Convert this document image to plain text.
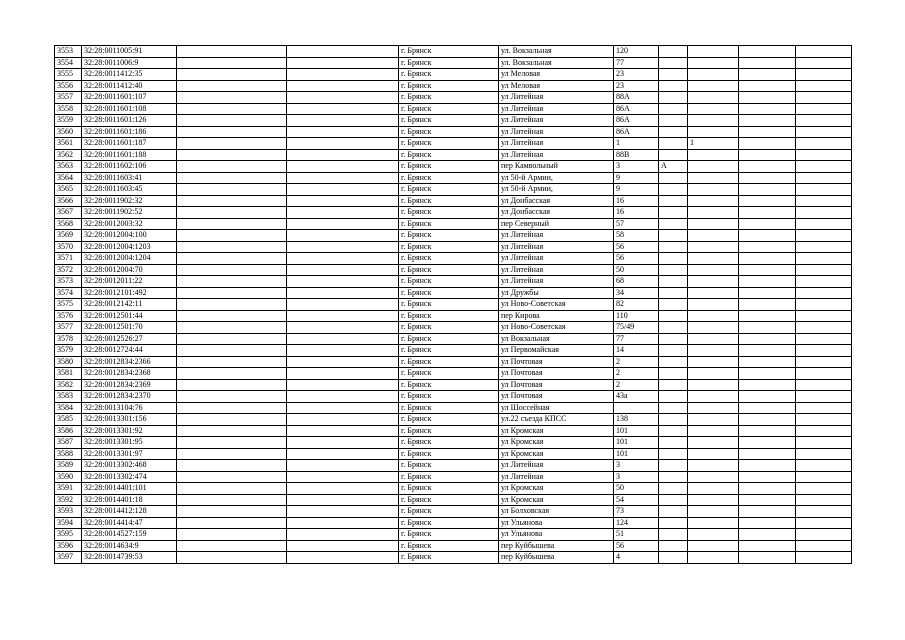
3553	32:28:0011005:91			г. Брянск	ул. Вокзальная	120				
3554	32:28:0011006:9			г. Брянск	ул. Вокзальная	77				
3555	32:28:0011412:35			г. Брянск	ул Меловая	23				
3556	32:28:0011412:40			г. Брянск	ул Меловая	23				
3557	32:28:0011601:107			г. Брянск	ул Литейная	88А				
3558	32:28:0011601:108			г. Брянск	ул Литейная	86А				
3559	32:28:0011601:126			г. Брянск	ул Литейная	86А				
3560	32:28:0011601:186			г. Брянск	ул Литейная	86А				
3561	32:28:0011601:187			г. Брянск	ул Литейная	1		1		
3562	32:28:0011601:188			г. Брянск	ул Литейная	88В				
3563	32:28:0011602:106			г. Брянск	пер Камвольный	3	А			
3564	32:28:0011603:41			г. Брянск	ул 50-й Армии,	9				
3565	32:28:0011603:45			г. Брянск	ул 50-й Армии,	9				
3566	32:28:0011902:32			г. Брянск	ул Донбасская	16				
3567	32:28:0011902:52			г. Брянск	ул Донбасская	16				
3568	32:28:0012003:32			г. Брянск	пер Северный	57				
3569	32:28:0012004:100			г. Брянск	ул Литейная	58				
3570	32:28:0012004:1203			г. Брянск	ул Литейная	56				
3571	32:28:0012004:1204			г. Брянск	ул Литейная	56				
3572	32:28:0012004:70			г. Брянск	ул Литейная	50				
3573	32:28:0012011:22			г. Брянск	ул Литейная	68				
3574	32:28:0012101:492			г. Брянск	ул Дружбы	34				
3575	32:28:0012142:11			г. Брянск	ул Ново-Советская	82				
3576	32:28:0012501:44			г. Брянск	пер Кирова	110				
3577	32:28:0012501:70			г. Брянск	ул Ново-Советская	75/49				
3578	32:28:0012526:27			г. Брянск	ул Вокзальная	77				
3579	32:28:0012724:44			г. Брянск	ул Первомайская	14				
3580	32:28:0012834:2366			г. Брянск	ул Почтовая	2				
3581	32:28:0012834:2368			г. Брянск	ул Почтовая	2				
3582	32:28:0012834:2369			г. Брянск	ул Почтовая	2				
3583	32:28:0012834:2370			г. Брянск	ул Почтовая	43а				
3584	32:28:0013104:76			г. Брянск	ул Шоссейная					
3585	32:28:0013301:156			г. Брянск	ул.22 съезда КПСС	138				
3586	32:28:0013301:92			г. Брянск	ул Кромская	101				
3587	32:28:0013301:95			г. Брянск	ул Кромская	101				
3588	32:28:0013301:97			г. Брянск	ул Кромская	101				
3589	32:28:0013302:468			г. Брянск	ул Литейная	3				
3590	32:28:0013302:474			г. Брянск	ул Литейная	3				
3591	32:28:0014401:101			г. Брянск	ул Кромская	50				
3592	32:28:0014401:18			г. Брянск	ул Кромская	54				
3593	32:28:0014412:128			г. Брянск	ул Болховская	73				
3594	32:28:0014414:47			г. Брянск	ул Ульянова	124				
3595	32:28:0014527:159			г. Брянск	ул Ульянова	51				
3596	32:28:0014634:9			г. Брянск	пер Куйбышева	56				
3597	32:28:0014739:53			г. Брянск	пер Куйбышева	4				
